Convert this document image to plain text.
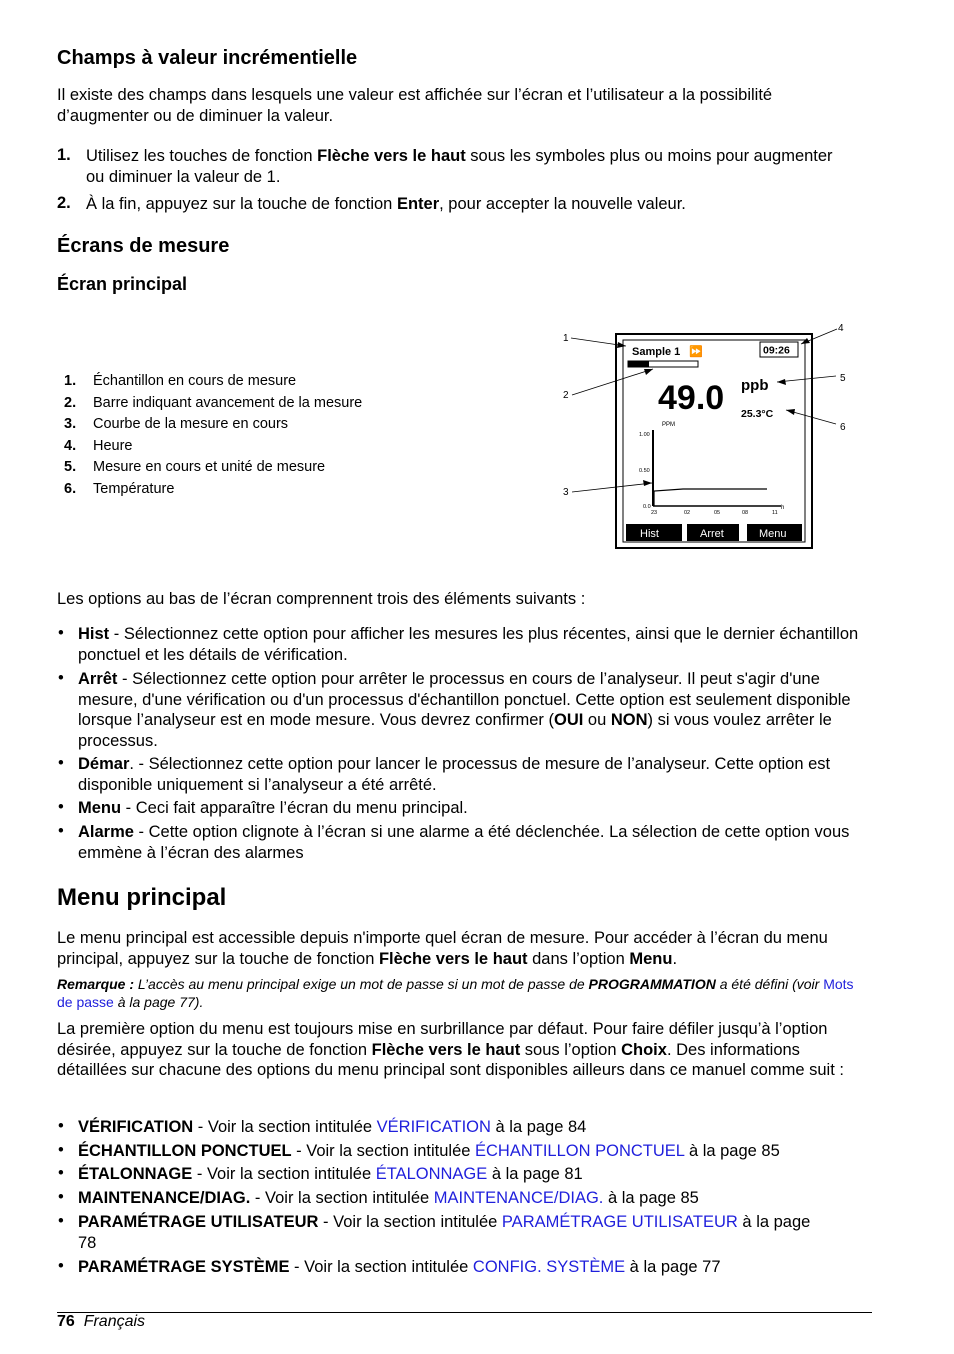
Champs à valeur incrémentielle
Il existe des champs dans lesquels une valeur est affichée sur l’écran et l’utilisateur a la possibilité d’augmenter ou de diminuer la valeur.
1. Utilisez les touches de fonction Flèche vers le haut sous les symboles plus ou moins pour augmenter ou diminuer la valeur de 1.
2. À la fin, appuyez sur la touche de fonction Enter, pour accepter la nouvelle valeur.
Écrans de mesure
Écran principal
1. Échantillon en cours de mesure
2. Barre indiquant avancement de la mesure
3. Courbe de la mesure en cours
4. Heure
5. Mesure en cours et unité de mesure
6. Température
Sample 1 ⏩	09:26
49.0 ppb
25.3°C
PPM
1.00
0.50
0.0
23	02	05	08	11
h
Hist	Arret	Menu
1
2
3
4
5
6
Les options au bas de l’écran comprennent trois des éléments suivants :
• Hist - Sélectionnez cette option pour afficher les mesures les plus récentes, ainsi que le dernier échantillon ponctuel et les détails de vérification.
• Arrêt - Sélectionnez cette option pour arrêter le processus en cours de l’analyseur. Il peut s'agir d'une mesure, d'une vérification ou d'un processus d'échantillon ponctuel. Cette option est seulement disponible lorsque l’analyseur est en mode mesure. Vous devrez confirmer (OUI ou NON) si vous voulez arrêter le processus.
• Démar. - Sélectionnez cette option pour lancer le processus de mesure de l’analyseur. Cette option est disponible uniquement si l’analyseur a été arrêté.
• Menu - Ceci fait apparaître l’écran du menu principal.
• Alarme - Cette option clignote à l’écran si une alarme a été déclenchée. La sélection de cette option vous emmène à l’écran des alarmes
Menu principal
Le menu principal est accessible depuis n'importe quel écran de mesure. Pour accéder à l’écran du menu principal, appuyez sur la touche de fonction Flèche vers le haut dans l’option Menu.
Remarque : L’accès au menu principal exige un mot de passe si un mot de passe de PROGRAMMATION a été défini (voir Mots de passe à la page 77).
La première option du menu est toujours mise en surbrillance par défaut. Pour faire défiler jusqu’à l’option désirée, appuyez sur la touche de fonction Flèche vers le haut sous l’option Choix. Des informations détaillées sur chacune des options du menu principal sont disponibles ailleurs dans ce manuel comme suit :
• VÉRIFICATION - Voir la section intitulée VÉRIFICATION à la page 84
• ÉCHANTILLON PONCTUEL - Voir la section intitulée ÉCHANTILLON PONCTUEL à la page 85
• ÉTALONNAGE - Voir la section intitulée ÉTALONNAGE à la page 81
• MAINTENANCE/DIAG. - Voir la section intitulée MAINTENANCE/DIAG. à la page 85
• PARAMÉTRAGE UTILISATEUR - Voir la section intitulée PARAMÉTRAGE UTILISATEUR à la page 78
• PARAMÉTRAGE SYSTÈME - Voir la section intitulée CONFIG. SYSTÈME à la page 77
76 Français
